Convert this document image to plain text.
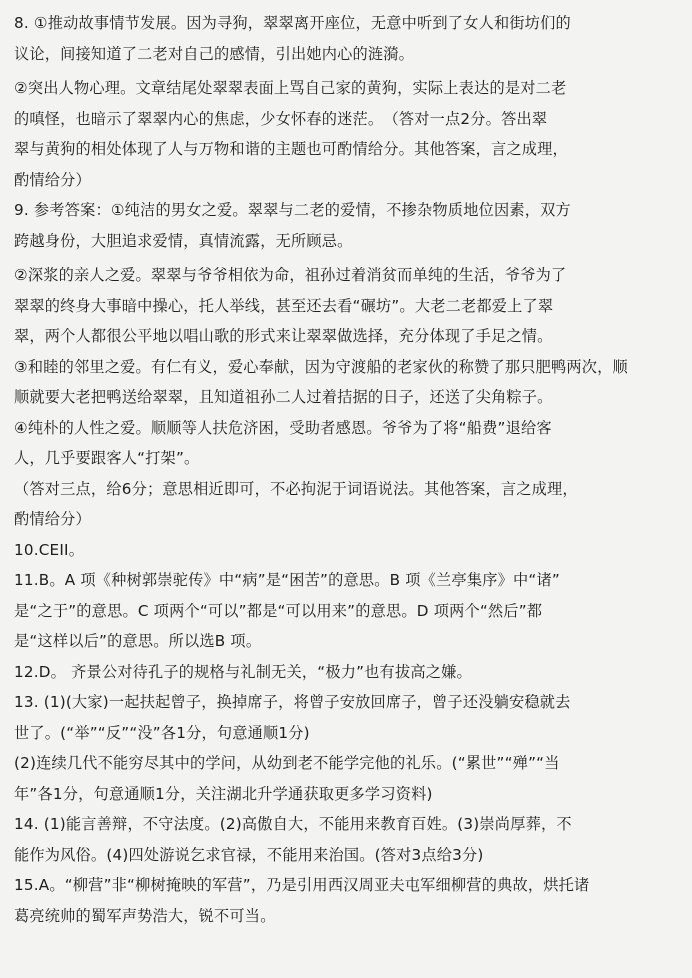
8. ①推动故事情节发展。因为寻狗，翠翠离开座位，无意中听到了女人和街坊们的
议论，间接知道了二老对自己的感情，引出她内心的涟漪。
②突出人物心理。文章结尾处翠翠表面上骂自己家的黄狗，实际上表达的是对二老
的嗔怪，也暗示了翠翠内心的焦虑，少女怀春的迷茫。　（答对一点2分。答出翠
翠与黄狗的相处体现了人与万物和谐的主题也可酌情给分。其他答案，言之成理，
酌情给分）
9. 参考答案：①纯洁的男女之爱。翠翠与二老的爱情，不掺杂物质地位因素，双方
跨越身份，大胆追求爱情，真情流露，无所顾忌。
②深浆的亲人之爱。翠翠与爷爷相依为命，祖孙过着消贫而单纯的生活，爷爷为了
翠翠的终身大事暗中操心，托人举线，甚至还去看“碾坊”。大老二老都爱上了翠
翠，两个人都很公平地以唱山歌的形式来让翠翠做选择，充分体现了手足之情。
③和睦的邻里之爱。有仁有义，爱心奉献，因为守渡船的老家伙的称赞了那只肥鸭两次，顺
顺就要大老把鸭送给翠翠，且知道祖孙二人过着拮据的日子，还送了尖角粽子。
④纯朴的人性之爱。顺顺等人扶危济困，受助者感恩。爷爷为了将“船费”退给客
人，几乎要跟客人“打架”。
（答对三点，给6分；意思相近即可，不必拘泥于词语说法。其他答案，言之成理，
酌情给分）
10.CEII。
11.B。A 项《种树郭崇驼传》中“病”是“困苦”的意思。B 项《兰亭集序》中“诸”
是“之于”的意思。C 项两个“可以”都是“可以用来”的意思。D 项两个“然后”都
是“这样以后”的意思。所以选B 项。
12.D。 齐景公对待孔子的规格与礼制无关，“极力”也有拔高之嫌。
13. (1)(大家)一起扶起曾子，换掉席子，将曾子安放回席子，曾子还没躺安稳就去
世了。(“举”“反”“没”各1分，句意通顺1分)
(2)连续几代不能穷尽其中的学问，从幼到老不能学完他的礼乐。(“累世”“殚”“当
年”各1分，句意通顺1分，关注湖北升学通获取更多学习资料)
14. (1)能言善辩，不守法度。(2)高傲自大，不能用来教育百姓。(3)崇尚厚葬，不
能作为风俗。(4)四处游说乞求官禄，不能用来治国。(答对3点给3分)
15.A。“柳营”非“柳树掩映的军营”，乃是引用西汉周亚夫屯军细柳营的典故，烘托诸
葛亮统帅的蜀军声势浩大，锐不可当。
